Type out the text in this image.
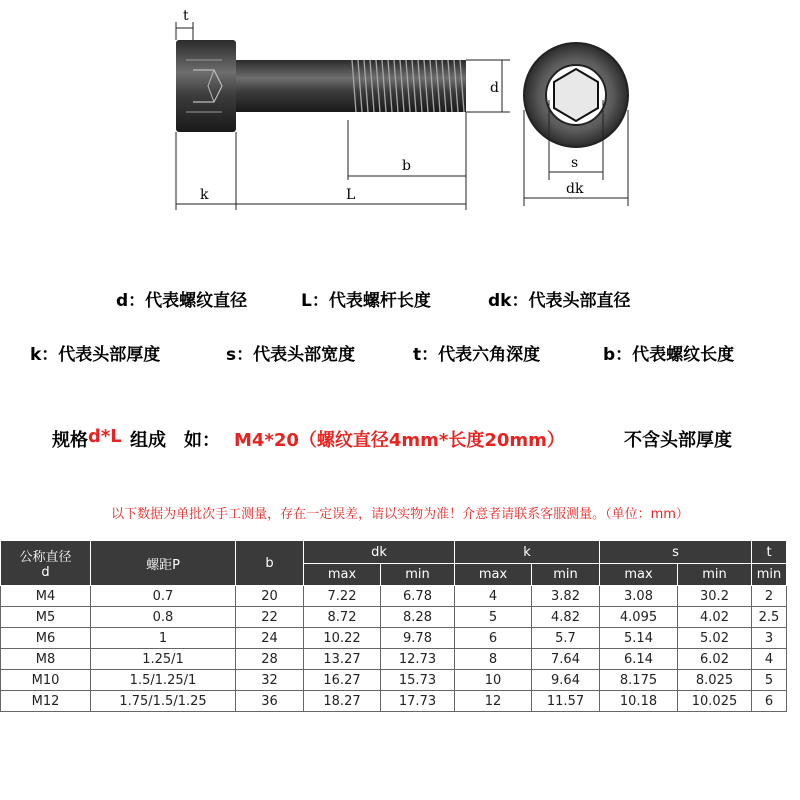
t
d
b
k	L
s
dk
d：代表螺纹直径	L：代表螺杆长度	dk：代表头部直径
k：代表头部厚度	s：代表头部宽度	t：代表六角深度	b：代表螺纹长度
规格 d*L 组成　如： M4*20（螺纹直径4mm*长度20mm）	不含头部厚度
以下数据为单批次手工测量，存在一定误差，请以实物为准！介意者请联系客服测量。（单位：mm）
公称直径
d	螺距P	b	dk		k		s		t
			max	min	max	min	max	min	min
M4	0.7	20	7.22	6.78	4	3.82	3.08	30.2	2
M5	0.8	22	8.72	8.28	5	4.82	4.095	4.02	2.5
M6	1	24	10.22	9.78	6	5.7	5.14	5.02	3
M8	1.25/1	28	13.27	12.73	8	7.64	6.14	6.02	4
M10	1.5/1.25/1	32	16.27	15.73	10	9.64	8.175	8.025	5
M12	1.75/1.5/1.25	36	18.27	17.73	12	11.57	10.18	10.025	6
